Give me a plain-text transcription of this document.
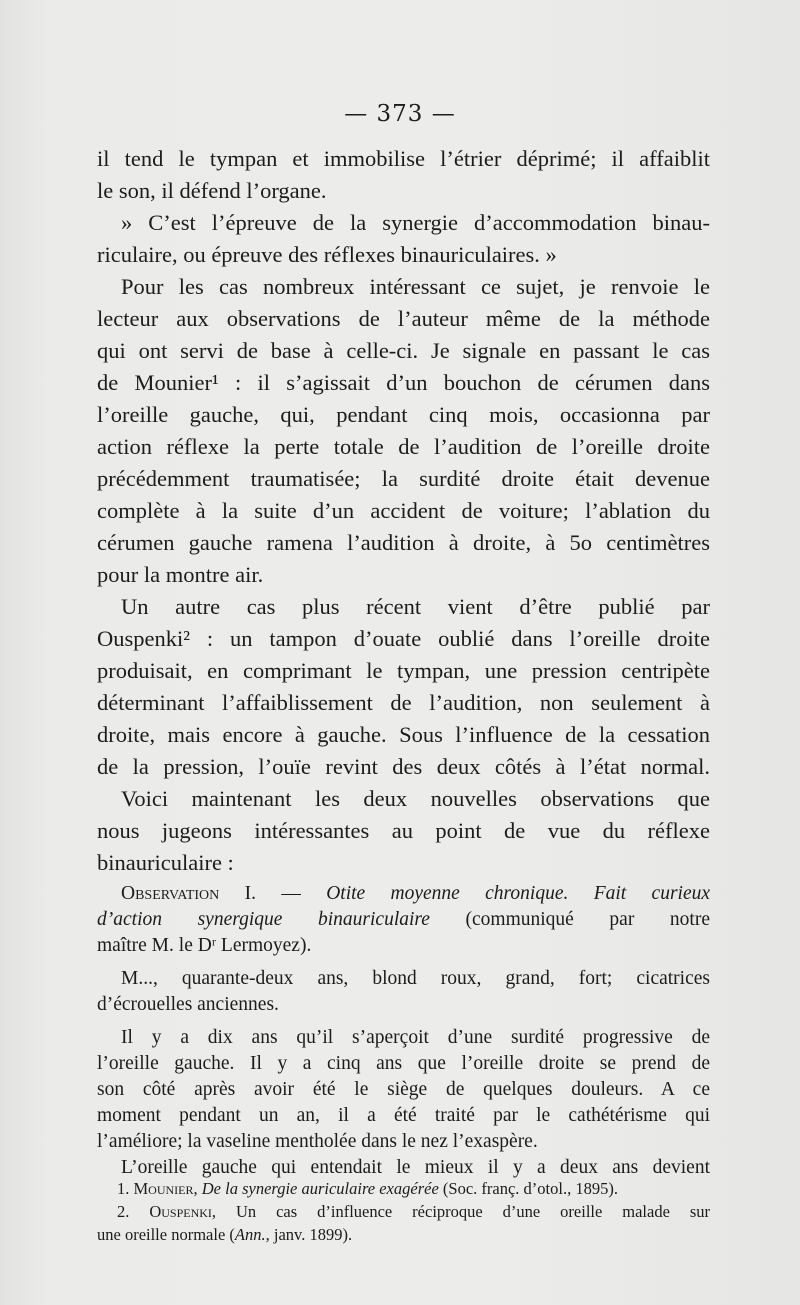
— 373 —
il tend le tympan et immobilise l’étrier déprimé; il affaiblit
le son, il défend l’organe.
» C’est l’épreuve de la synergie d’accommodation binau-
riculaire, ou épreuve des réflexes binauriculaires. »
Pour les cas nombreux intéressant ce sujet, je renvoie le
lecteur aux observations de l’auteur même de la méthode
qui ont servi de base à celle-ci. Je signale en passant le cas
de Mounier¹ : il s’agissait d’un bouchon de cérumen dans
l’oreille gauche, qui, pendant cinq mois, occasionna par
action réflexe la perte totale de l’audition de l’oreille droite
précédemment traumatisée; la surdité droite était devenue
complète à la suite d’un accident de voiture; l’ablation du
cérumen gauche ramena l’audition à droite, à 5o centimètres
pour la montre air.
Un autre cas plus récent vient d’être publié par
Ouspenki² : un tampon d’ouate oublié dans l’oreille droite
produisait, en comprimant le tympan, une pression centripète
déterminant l’affaiblissement de l’audition, non seulement à
droite, mais encore à gauche. Sous l’influence de la cessation
de la pression, l’ouïe revint des deux côtés à l’état normal.
Voici maintenant les deux nouvelles observations que
nous jugeons intéressantes au point de vue du réflexe
binauriculaire :
Observation I. — Otite moyenne chronique. Fait curieux
d’action synergique binauriculaire (communiqué par notre
maître M. le Dʳ Lermoyez).
M..., quarante-deux ans, blond roux, grand, fort; cicatrices
d’écrouelles anciennes.
Il y a dix ans qu’il s’aperçoit d’une surdité progressive de
l’oreille gauche. Il y a cinq ans que l’oreille droite se prend de
son côté après avoir été le siège de quelques douleurs. A ce
moment pendant un an, il a été traité par le cathétérisme qui
l’améliore; la vaseline mentholée dans le nez l’exaspère.
L’oreille gauche qui entendait le mieux il y a deux ans devient
1. Mounier, De la synergie auriculaire exagérée (Soc. franç. d’otol., 1895).
2. Ouspenki, Un cas d’influence réciproque d’une oreille malade sur
une oreille normale (Ann., janv. 1899).
